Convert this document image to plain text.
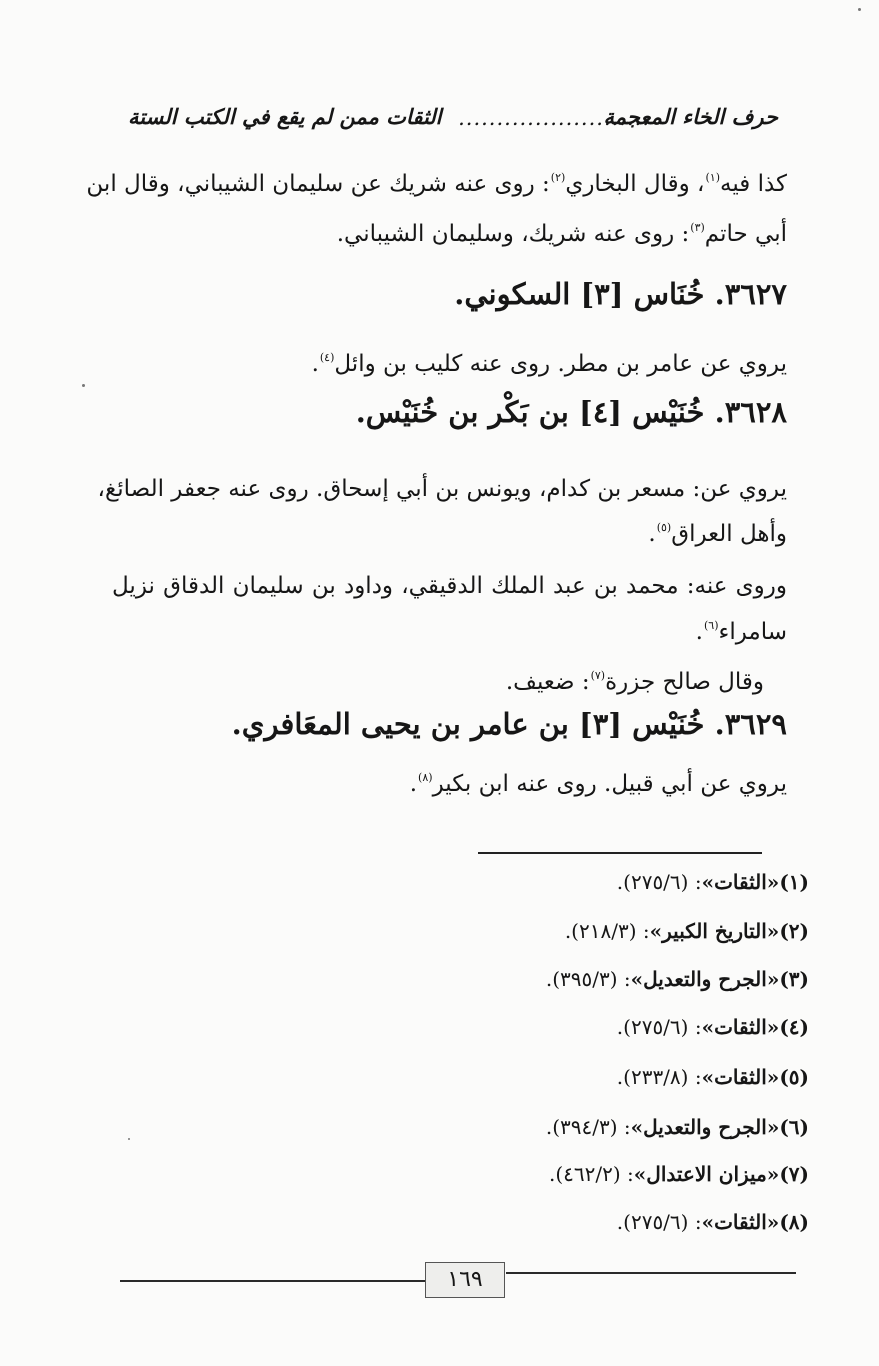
حرف الخاء المعجمة
.........................
الثقات ممن لم يقع في الكتب الستة
كذا فيه$^{(١)}$، وقال البخاري$^{(٢)}$: روى عنه شريك عن سليمان الشيباني، وقال ابن
أبي حاتم$^{(٣)}$: روى عنه شريك، وسليمان الشيباني.
٣٦٢٧. خُنَاس [٣] السكوني.
يروي عن عامر بن مطر. روى عنه كليب بن وائل$^{(٤)}$.
٣٦٢٨. خُنَيْس [٤] بن بَكْر بن خُنَيْس.
يروي عن: مسعر بن كدام، ويونس بن أبي إسحاق. روى عنه جعفر الصائغ،
وأهل العراق$^{(٥)}$.
وروى عنه: محمد بن عبد الملك الدقيقي، وداود بن سليمان الدقاق نزيل
سامراء$^{(٦)}$.
وقال صالح جزرة$^{(٧)}$: ضعيف.
٣٦٢٩. خُنَيْس [٣] بن عامر بن يحيى المعَافري.
يروي عن أبي قبيل. روى عنه ابن بكير$^{(٨)}$.
(١)«الثقات»: (٢٧٥/٦).
(٢)«التاريخ الكبير»: (٢١٨/٣).
(٣)«الجرح والتعديل»: (٣٩٥/٣).
(٤)«الثقات»: (٢٧٥/٦).
(٥)«الثقات»: (٢٣٣/٨).
(٦)«الجرح والتعديل»: (٣٩٤/٣).
(٧)«ميزان الاعتدال»: (٤٦٢/٢).
(٨)«الثقات»: (٢٧٥/٦).
١٦٩
